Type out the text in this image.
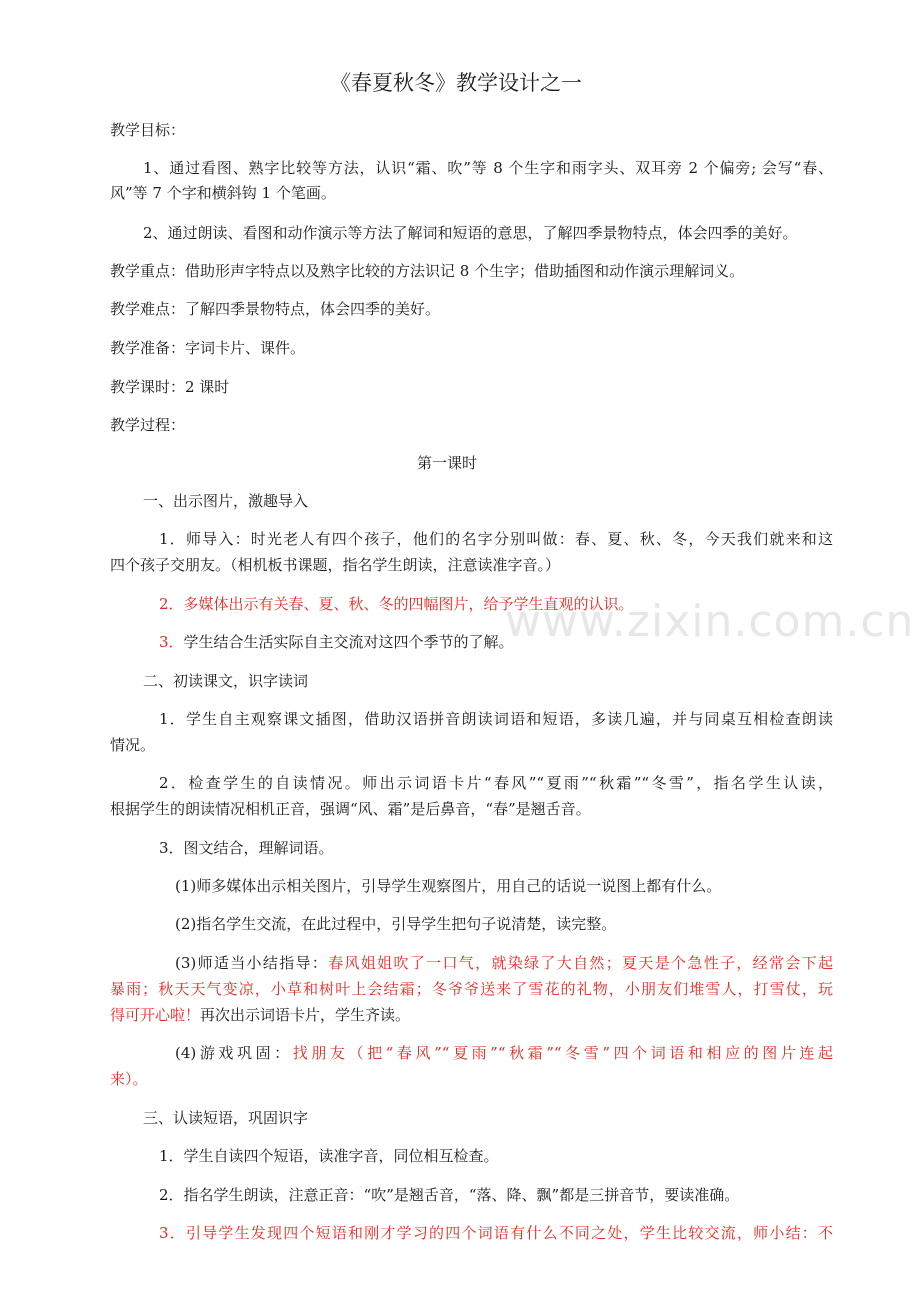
www.zixin.com.cn
《春夏秋冬》教学设计之一
教学目标：
1、通过看图、熟字比较等方法，认识“霜、吹”等 8 个生字和雨字头、双耳旁 2 个偏旁; 会写“春、
风”等 7 个字和横斜钩 1 个笔画。
2、通过朗读、看图和动作演示等方法了解词和短语的意思，了解四季景物特点，体会四季的美好。
教学重点：借助形声字特点以及熟字比较的方法识记 8 个生字；借助插图和动作演示理解词义。
教学难点：了解四季景物特点，体会四季的美好。
教学准备：字词卡片、课件。
教学课时：2 课时
教学过程：
第一课时
一、出示图片，激趣导入
1．师导入：时光老人有四个孩子，他们的名字分别叫做：春、夏、秋、冬，今天我们就来和这
四个孩子交朋友。（相机板书课题，指名学生朗读，注意读准字音。）
2．多媒体出示有关春、夏、秋、冬的四幅图片，给予学生直观的认识。
3．学生结合生活实际自主交流对这四个季节的了解。
二、初读课文，识字读词
1．学生自主观察课文插图，借助汉语拼音朗读词语和短语，多读几遍，并与同桌互相检查朗读
情况。
2．检查学生的自读情况。师出示词语卡片“春风”“夏雨”“秋霜”“冬雪”，指名学生认读，
根据学生的朗读情况相机正音，强调“风、霜”是后鼻音，“春”是翘舌音。
3．图文结合，理解词语。
(1)师多媒体出示相关图片，引导学生观察图片，用自己的话说一说图上都有什么。
(2)指名学生交流，在此过程中，引导学生把句子说清楚，读完整。
(3)师适当小结指导：春风姐姐吹了一口气，就染绿了大自然；夏天是个急性子，经常会下起
暴雨；秋天天气变凉，小草和树叶上会结霜；冬爷爷送来了雪花的礼物，小朋友们堆雪人，打雪仗，玩
得可开心啦！再次出示词语卡片，学生齐读。
(4)游戏巩固：找朋友（把“春风”“夏雨”“秋霜”“冬雪”四个词语和相应的图片连起
来）。
三、认读短语，巩固识字
1．学生自读四个短语，读准字音，同位相互检查。
2．指名学生朗读，注意正音：“吹”是翘舌音，“落、降、飘”都是三拼音节，要读准确。
3．引导学生发现四个短语和刚才学习的四个词语有什么不同之处，学生比较交流，师小结：不
